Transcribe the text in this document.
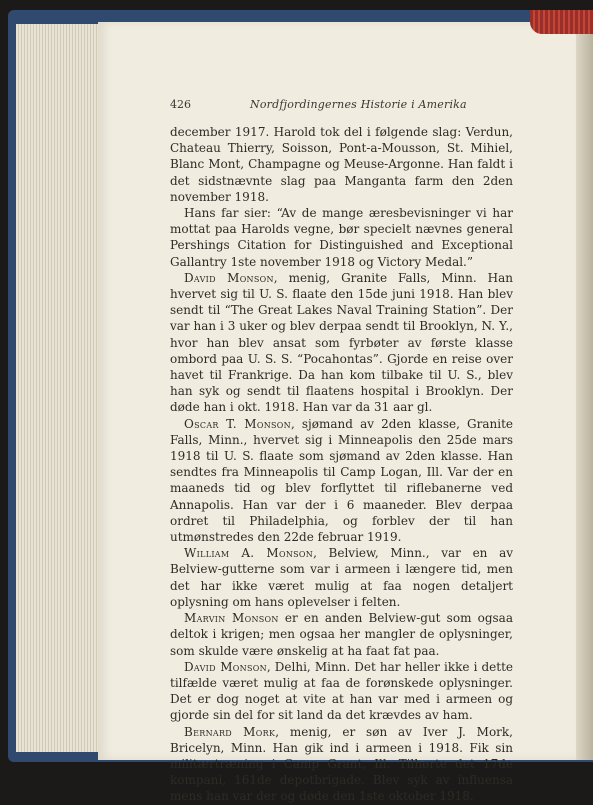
426	Nordfjordingernes Historie i Amerika

december 1917. Harold tok del i følgende slag: Verdun, Chateau Thierry, Soisson, Pont-a-Mousson, St. Mihiel, Blanc Mont, Champagne og Meuse-Argonne. Han faldt i det sidstnævnte slag paa Manganta farm den 2den november 1918.

Hans far sier: “Av de mange æresbevisninger vi har mottat paa Harolds vegne, bør specielt nævnes general Pershings Citation for Distinguished and Exceptional Gallantry 1ste november 1918 og Victory Medal.”

David Monson, menig, Granite Falls, Minn. Han hvervet sig til U. S. flaate den 15de juni 1918. Han blev sendt til “The Great Lakes Naval Training Station”. Der var han i 3 uker og blev derpaa sendt til Brooklyn, N. Y., hvor han blev ansat som fyrbøter av første klasse ombord paa U. S. S. “Pocahontas”. Gjorde en reise over havet til Frankrige. Da han kom tilbake til U. S., blev han syk og sendt til flaatens hospital i Brooklyn. Der døde han i okt. 1918. Han var da 31 aar gl.

Oscar T. Monson, sjømand av 2den klasse, Granite Falls, Minn., hvervet sig i Minneapolis den 25de mars 1918 til U. S. flaate som sjømand av 2den klasse. Han sendtes fra Minneapolis til Camp Logan, Ill. Var der en maaneds tid og blev forflyttet til riflebanerne ved Annapolis. Han var der i 6 maaneder. Blev derpaa ordret til Philadelphia, og forblev der til han utmønstredes den 22de februar 1919.

William A. Monson, Belview, Minn., var en av Belview-gutterne som var i armeen i længere tid, men det har ikke været mulig at faa nogen detaljert oplysning om hans oplevelser i felten.

Marvin Monson er en anden Belview-gut som ogsaa deltok i krigen; men ogsaa her mangler de oplysninger, som skulde være ønskelig at ha faat fat paa.

David Monson, Delhi, Minn. Det har heller ikke i dette tilfælde været mulig at faa de forønskede oplysninger. Det er dog noget at vite at han var med i armeen og gjorde sin del for sit land da det krævdes av ham.

Bernard Mork, menig, er søn av Iver J. Mork, Bricelyn, Minn. Han gik ind i armeen i 1918. Fik sin militærtræning i Camp Grant, Ill. Tilhørte det 17de kompani, 161de depotbrigade. Blev syk av influensa mens han var der og døde den 1ste oktober 1918.
